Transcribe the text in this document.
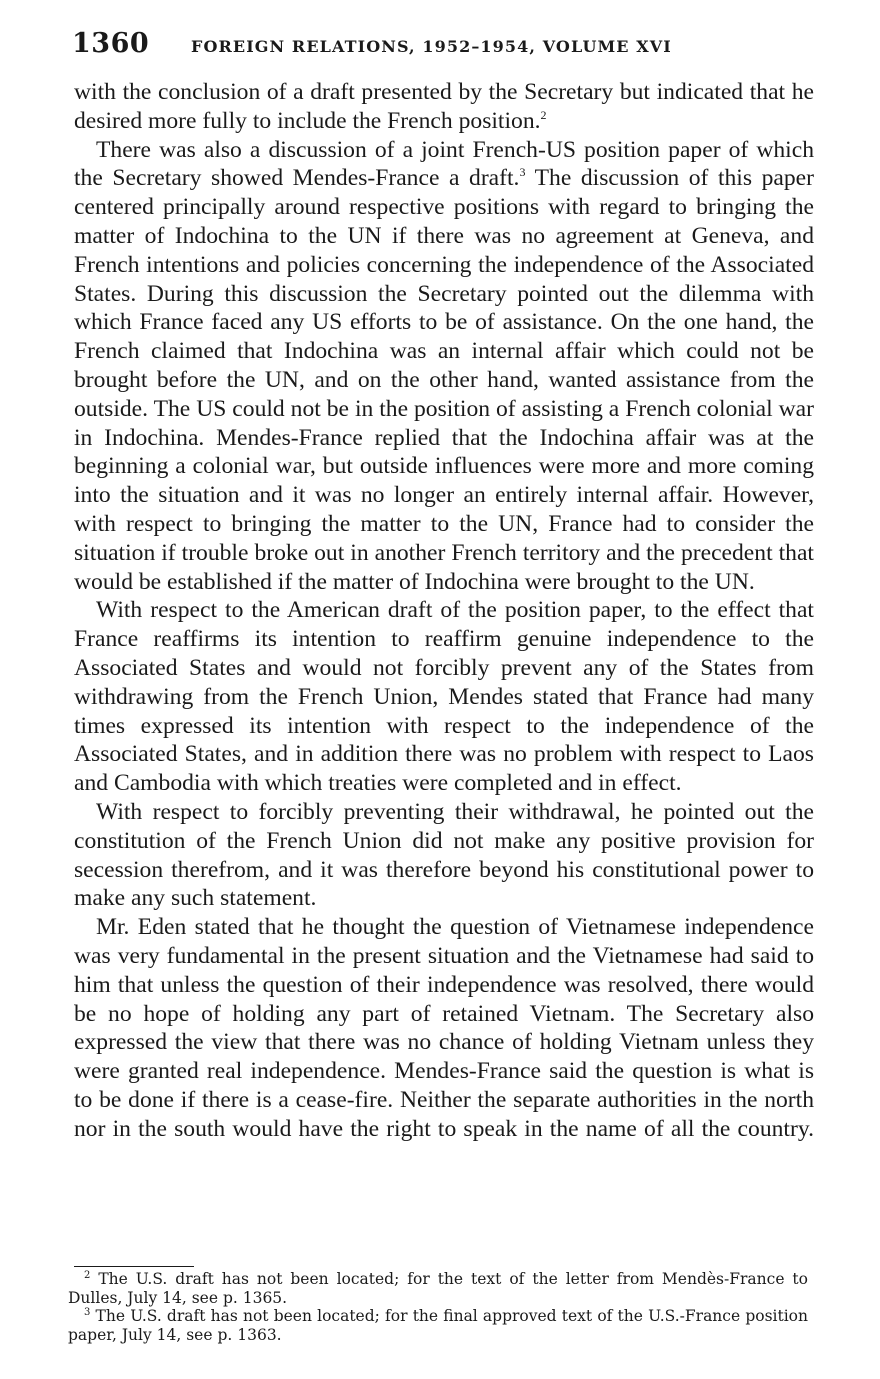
1360	FOREIGN RELATIONS, 1952–1954, VOLUME XVI

with the conclusion of a draft presented by the Secretary but indicated that he desired more fully to include the French position.$^2$

There was also a discussion of a joint French-US position paper of which the Secretary showed Mendes-France a draft.$^3$ The discussion of this paper centered principally around respective positions with regard to bringing the matter of Indochina to the UN if there was no agreement at Geneva, and French intentions and policies concerning the independence of the Associated States. During this discussion the Secretary pointed out the dilemma with which France faced any US efforts to be of assistance. On the one hand, the French claimed that Indochina was an internal affair which could not be brought before the UN, and on the other hand, wanted assistance from the outside. The US could not be in the position of assisting a French colonial war in Indochina. Mendes-France replied that the Indochina affair was at the beginning a colonial war, but outside influences were more and more coming into the situation and it was no longer an entirely internal affair. However, with respect to bringing the matter to the UN, France had to consider the situation if trouble broke out in another French territory and the precedent that would be established if the matter of Indochina were brought to the UN.

With respect to the American draft of the position paper, to the effect that France reaffirms its intention to reaffirm genuine independence to the Associated States and would not forcibly prevent any of the States from withdrawing from the French Union, Mendes stated that France had many times expressed its intention with respect to the independence of the Associated States, and in addition there was no problem with respect to Laos and Cambodia with which treaties were completed and in effect.

With respect to forcibly preventing their withdrawal, he pointed out the constitution of the French Union did not make any positive provision for secession therefrom, and it was therefore beyond his constitutional power to make any such statement.

Mr. Eden stated that he thought the question of Vietnamese independence was very fundamental in the present situation and the Vietnamese had said to him that unless the question of their independence was resolved, there would be no hope of holding any part of retained Vietnam. The Secretary also expressed the view that there was no chance of holding Vietnam unless they were granted real independence. Mendes-France said the question is what is to be done if there is a cease-fire. Neither the separate authorities in the north nor in the south would have the right to speak in the name of all the country.

$^2$ The U.S. draft has not been located; for the text of the letter from Mendès-France to Dulles, July 14, see p. 1365.

$^3$ The U.S. draft has not been located; for the final approved text of the U.S.-France position paper, July 14, see p. 1363.
